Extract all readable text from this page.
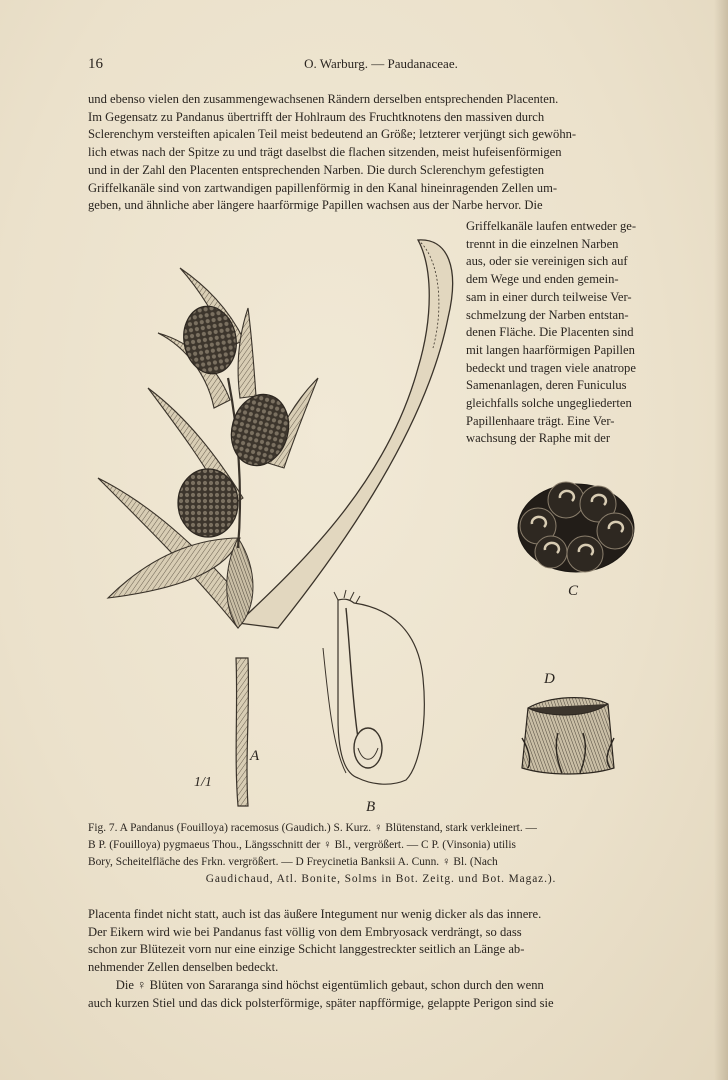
16	O. Warburg. — Paudanaceae.

und ebenso vielen den zusammengewachsenen Rändern derselben entsprechenden Placenten.

Im Gegensatz zu Pandanus übertrifft der Hohlraum des Fruchtknotens den massiven durch

Sclerenchym versteiften apicalen Teil meist bedeutend an Größe; letzterer verjüngt sich gewöhn-

lich etwas nach der Spitze zu und trägt daselbst die flachen sitzenden, meist hufeisenförmigen

und in der Zahl den Placenten entsprechenden Narben. Die durch Sclerenchym gefestigten

Griffelkanäle sind von zartwandigen papillenförmig in den Kanal hineinragenden Zellen um-

geben, und ähnliche aber längere haarförmige Papillen wachsen aus der Narbe hervor. Die

Griffelkanäle laufen entweder ge-

trennt in die einzelnen Narben

aus, oder sie vereinigen sich auf

dem Wege und enden gemein-

sam in einer durch teilweise Ver-

schmelzung der Narben entstan-

denen Fläche. Die Placenten sind

mit langen haarförmigen Papillen

bedeckt und tragen viele anatrope

Samenanlagen, deren Funiculus

gleichfalls solche ungegliederten

Papillenhaare trägt. Eine Ver-

wachsung der Raphe mit der

A
1/1
B
C
D
Fig. 7. A Pandanus (Fouilloya) racemosus (Gaudich.) S. Kurz. ♀ Blütenstand, stark verkleinert. —
B P. (Fouilloya) pygmaeus Thou., Längsschnitt der ♀ Bl., vergrößert. — C P. (Vinsonia) utilis
Bory, Scheitelfläche des Frkn. vergrößert. — D Freycinetia Banksii A. Cunn. ♀ Bl. (Nach
Gaudichaud, Atl. Bonite, Solms in Bot. Zeitg. und Bot. Magaz.).

Placenta findet nicht statt, auch ist das äußere Integument nur wenig dicker als das innere.

Der Eikern wird wie bei Pandanus fast völlig von dem Embryosack verdrängt, so dass

schon zur Blütezeit vorn nur eine einzige Schicht langgestreckter seitlich an Länge ab-

nehmender Zellen denselben bedeckt.

Die ♀ Blüten von Sararanga sind höchst eigentümlich gebaut, schon durch den wenn

auch kurzen Stiel und das dick polsterförmige, später napfförmige, gelappte Perigon sind sie
